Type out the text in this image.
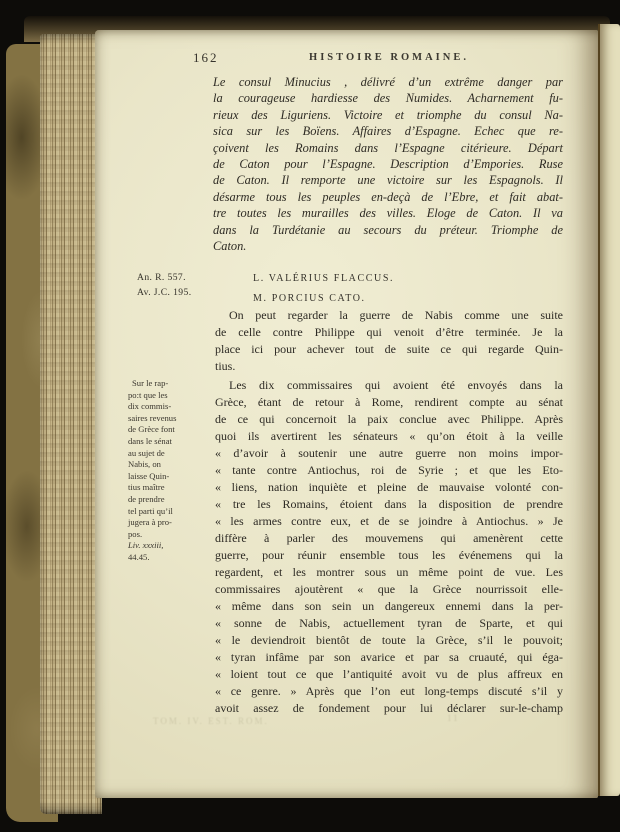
162	HISTOIRE ROMAINE.
Le consul Minucius , délivré d’un extrême danger par
la courageuse hardiesse des Numides. Acharnement fu-
rieux des Liguriens. Victoire et triomphe du consul Na-
sica sur les Boïens. Affaires d’Espagne. Echec que re-
çoivent les Romains dans l’Espagne citérieure. Départ
de Caton pour l’Espagne. Description d’Empories. Ruse
de Caton. Il remporte une victoire sur les Espagnols. Il
désarme tous les peuples en-deçà de l’Ebre, et fait abat-
tre toutes les murailles des villes. Eloge de Caton. Il va
dans la Turdétanie au secours du préteur. Triomphe de
Caton.
An. R. 557.
Av. J.C. 195.
L. VALÉRIUS FLACCUS.
M. PORCIUS CATO.
On peut regarder la guerre de Nabis comme une suite
de celle contre Philippe qui venoit d’être terminée. Je la
place ici pour achever tout de suite ce qui regarde Quin-
tius.
Sur le rap-
po:t que les
dix commis-
saires revenus
de Grèce font
dans le sénat
au sujet de
Nabis, on
laisse Quin-
tius maître
de prendre
tel parti qu’il
jugera à pro-
pos.
Liv. xxxiii,
44.45.
Les dix commissaires qui avoient été envoyés dans la
Grèce, étant de retour à Rome, rendirent compte au sénat
de ce qui concernoit la paix conclue avec Philippe. Après
quoi ils avertirent les sénateurs « qu’on étoit à la veille
« d’avoir à soutenir une autre guerre non moins impor-
« tante contre Antiochus, roi de Syrie ; et que les Eto-
« liens, nation inquiète et pleine de mauvaise volonté con-
« tre les Romains, étoient dans la disposition de prendre
« les armes contre eux, et de se joindre à Antiochus. » Je
diffère à parler des mouvemens qui amenèrent cette
guerre, pour réunir ensemble tous les événemens qui la
regardent, et les montrer sous un même point de vue. Les
commissaires ajoutèrent « que la Grèce nourrissoit elle-
« même dans son sein un dangereux ennemi dans la per-
« sonne de Nabis, actuellement tyran de Sparte, et qui
« le deviendroit bientôt de toute la Grèce, s’il le pouvoit;
« tyran infâme par son avarice et par sa cruauté, qui éga-
« loient tout ce que l’antiquité avoit vu de plus affreux en
« ce genre. » Après que l’on eut long-temps discuté s’il y
avoit assez de fondement pour lui déclarer sur-le-champ
TOM. IV. EST. ROM.	11
